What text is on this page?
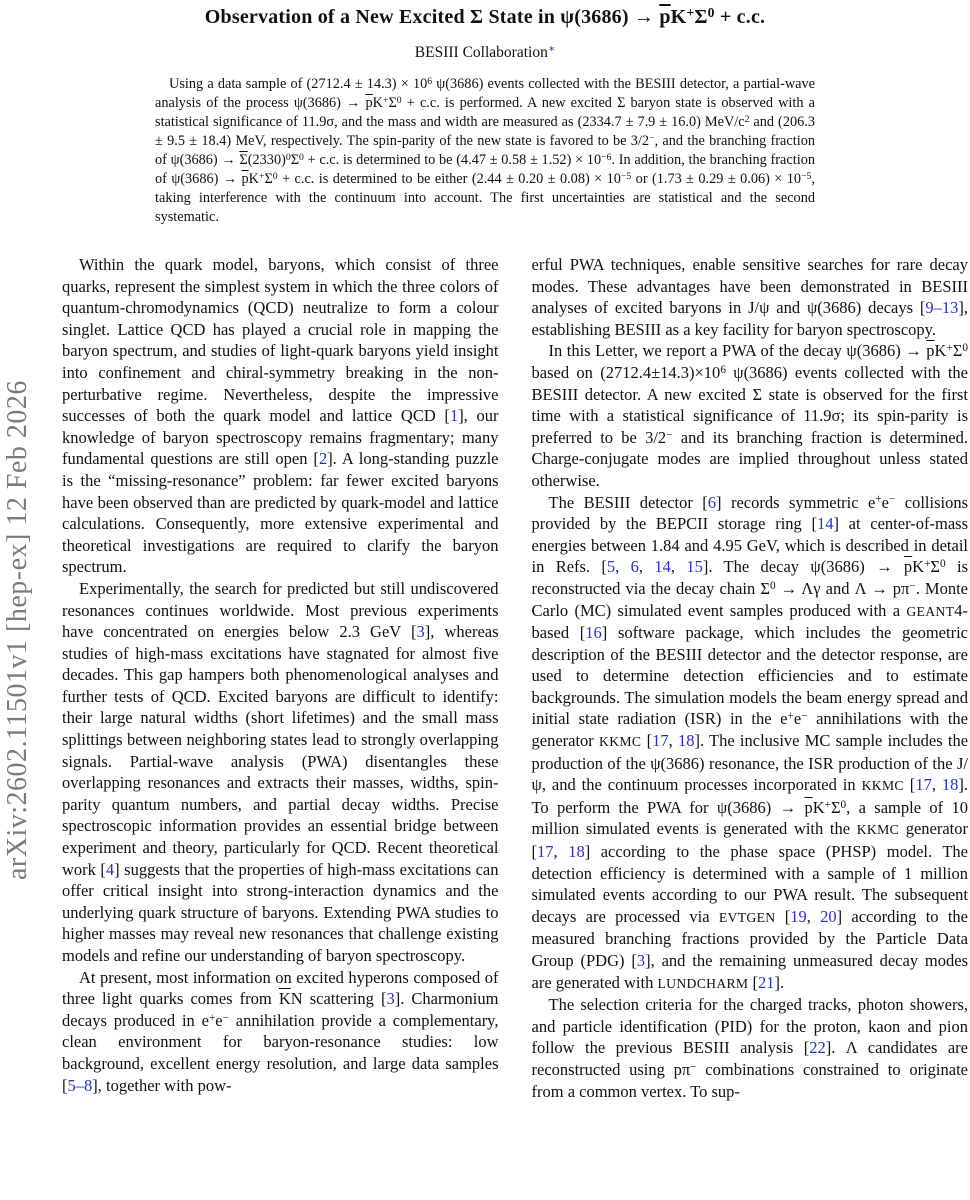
arXiv:2602.11501v1 [hep-ex] 12 Feb 2026
Observation of a New Excited Σ State in $\psi(3686) \to \overline{p}K^+\Sigma^0 + c.c$.
BESIII Collaboration∗
Using a data sample of $(2712.4 \pm 14.3) \times 10^6$ ψ(3686) events collected with the BESIII detector, a partial-wave analysis of the process $\psi(3686) \to \overline{p}K^+\Sigma^0 + c.c$. is performed. A new excited Σ baryon state is observed with a statistical significance of 11.9σ, and the mass and width are measured as (2334.7 ± 7.9 ± 16.0) MeV/$c^2$ and (206.3 ± 9.5 ± 18.4) MeV, respectively. The spin-parity of the new state is favored to be 3/2−, and the branching fraction of $\psi(3686) \to \overline{\Sigma}(2330)^0\Sigma^0 + c.c$. is determined to be $(4.47 \pm 0.58 \pm 1.52) \times 10^{-6}$. In addition, the branching fraction of $\psi(3686) \to \overline{p}K^+\Sigma^0 + c.c$. is determined to be either $(2.44 \pm 0.20 \pm 0.08) \times 10^{-5}$ or $(1.73 \pm 0.29 \pm 0.06) \times 10^{-5}$, taking interference with the continuum into account. The first uncertainties are statistical and the second systematic.

Within the quark model, baryons, which consist of three quarks, represent the simplest system in which the three colors of quantum-chromodynamics (QCD) neutralize to form a colour singlet. Lattice QCD has played a crucial role in mapping the baryon spectrum, and studies of light-quark baryons yield insight into confinement and chiral-symmetry breaking in the non-perturbative regime. Nevertheless, despite the impressive successes of both the quark model and lattice QCD [1], our knowledge of baryon spectroscopy remains fragmentary; many fundamental questions are still open [2]. A long-standing puzzle is the “missing-resonance” problem: far fewer excited baryons have been observed than are predicted by quark-model and lattice calculations. Consequently, more extensive experimental and theoretical investigations are required to clarify the baryon spectrum.

Experimentally, the search for predicted but still undiscovered resonances continues worldwide. Most previous experiments have concentrated on energies below 2.3 GeV [3], whereas studies of high-mass excitations have stagnated for almost five decades. This gap hampers both phenomenological analyses and further tests of QCD. Excited baryons are difficult to identify: their large natural widths (short lifetimes) and the small mass splittings between neighboring states lead to strongly overlapping signals. Partial-wave analysis (PWA) disentangles these overlapping resonances and extracts their masses, widths, spin-parity quantum numbers, and partial decay widths. Precise spectroscopic information provides an essential bridge between experiment and theory, particularly for QCD. Recent theoretical work [4] suggests that the properties of high-mass excitations can offer critical insight into strong-interaction dynamics and the underlying quark structure of baryons. Extending PWA studies to higher masses may reveal new resonances that challenge existing models and refine our understanding of baryon spectroscopy.

At present, most information on excited hyperons composed of three light quarks comes from $\overline{K}N$ scattering [3]. Charmonium decays produced in e+e− annihilation provide a complementary, clean environment for baryon-resonance studies: low background, excellent energy resolution, and large data samples [5–8], together with pow-

erful PWA techniques, enable sensitive searches for rare decay modes. These advantages have been demonstrated in BESIII analyses of excited baryons in J/ψ and ψ(3686) decays [9–13], establishing BESIII as a key facility for baryon spectroscopy.

In this Letter, we report a PWA of the decay $\psi(3686) \to \overline{p}K^+\Sigma^0$ based on $(2712.4\pm 14.3)\times 10^6$ ψ(3686) events collected with the BESIII detector. A new excited Σ state is observed for the first time with a statistical significance of 11.9σ; its spin-parity is preferred to be 3/2− and its branching fraction is determined. Charge-conjugate modes are implied throughout unless stated otherwise.

The BESIII detector [6] records symmetric e+e− collisions provided by the BEPCII storage ring [14] at center-of-mass energies between 1.84 and 4.95 GeV, which is described in detail in Refs. [5, 6, 14, 15]. The decay $\psi(3686) \to \overline{p}K^+\Sigma^0$ is reconstructed via the decay chain $\Sigma^0 \to \Lambda\gamma$ and Λ → pπ−. Monte Carlo (MC) simulated event samples produced with a GEANT4-based [16] software package, which includes the geometric description of the BESIII detector and the detector response, are used to determine detection efficiencies and to estimate backgrounds. The simulation models the beam energy spread and initial state radiation (ISR) in the e+e− annihilations with the generator KKMC [17, 18]. The inclusive MC sample includes the production of the ψ(3686) resonance, the ISR production of the J/ψ, and the continuum processes incorporated in KKMC [17, 18]. To perform the PWA for $\psi(3686) \to \overline{p}K^+\Sigma^0$, a sample of 10 million simulated events is generated with the KKMC generator [17, 18] according to the phase space (PHSP) model. The detection efficiency is determined with a sample of 1 million simulated events according to our PWA result. The subsequent decays are processed via EVTGEN [19, 20] according to the measured branching fractions provided by the Particle Data Group (PDG) [3], and the remaining unmeasured decay modes are generated with LUNDCHARM [21].

The selection criteria for the charged tracks, photon showers, and particle identification (PID) for the proton, kaon and pion follow the previous BESIII analysis [22]. Λ candidates are reconstructed using pπ− combinations constrained to originate from a common vertex. To sup-
